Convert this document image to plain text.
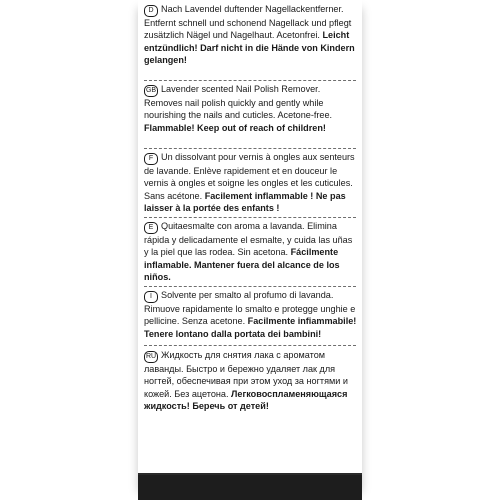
D Nach Lavendel duftender Nagellackentferner. Entfernt schnell und schonend Nagellack und pflegt zusätzlich Nägel und Nagelhaut. Acetonfrei. Leicht entzündlich! Darf nicht in die Hände von Kindern gelangen!
GB Lavender scented Nail Polish Remover. Removes nail polish quickly and gently while nourishing the nails and cuticles. Acetone-free. Flammable! Keep out of reach of children!
F Un dissolvant pour vernis à ongles aux senteurs de lavande. Enlève rapidement et en douceur le vernis à ongles et soigne les ongles et les cuticules. Sans acétone. Facilement inflammable ! Ne pas laisser à la portée des enfants !
E Quitaesmalte con aroma a lavanda. Elimina rápida y delicadamente el esmalte, y cuida las uñas y la piel que las rodea. Sin acetona. Fácilmente inflamable. Mantener fuera del alcance de los niños.
I Solvente per smalto al profumo di lavanda. Rimuove rapidamente lo smalto e protegge unghie e pellicine. Senza acetone. Facilmente infiammabile! Tenere lontano dalla portata dei bambini!
RU Жидкость для снятия лака с ароматом лаванды. Быстро и бережно удаляет лак для ногтей, обеспечивая при этом уход за ногтями и кожей. Без ацетона. Легковоспламеняющаяся жидкость! Беречь от детей!
